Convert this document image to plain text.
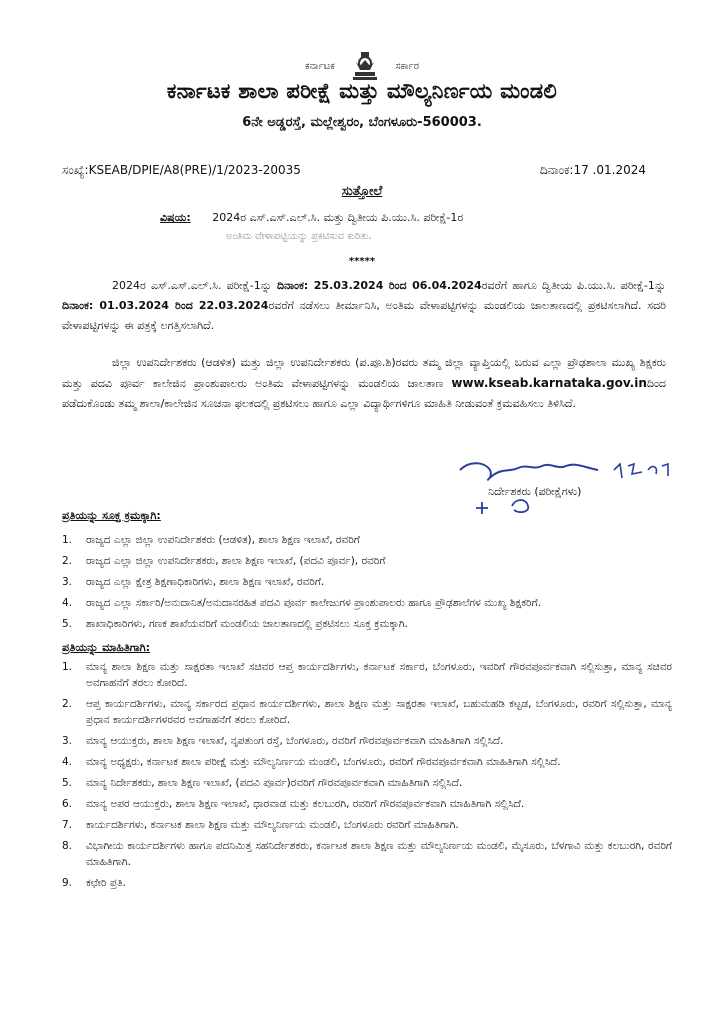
ಕರ್ನಾಟಕ	ಸರ್ಕಾರ
ಕರ್ನಾಟಕ ಶಾಲಾ ಪರೀಕ್ಷೆ ಮತ್ತು ಮೌಲ್ಯನಿರ್ಣಯ ಮಂಡಲಿ
6ನೇ ಅಡ್ಡರಸ್ತೆ, ಮಲ್ಲೇಶ್ವರಂ, ಬೆಂಗಳೂರು-560003.
ಸಂಖ್ಯೆ:KSEAB/DPIE/A8(PRE)/1/2023-20035	ದಿನಾಂಕ:17 .01.2024
ಸುತ್ತೋಲೆ
ವಿಷಯ: 2024ರ ಎಸ್.ಎಸ್.ಎಲ್.ಸಿ. ಮತ್ತು ದ್ವಿತೀಯ ಪಿ.ಯು.ಸಿ. ಪರೀಕ್ಷೆ-1ರ
ಅಂತಿಮ ವೇಳಾಪಟ್ಟಿಯನ್ನು ಪ್ರಕಟಿಸುವ ಕುರಿತು.
*****
2024ರ ಎಸ್.ಎಸ್.ಎಲ್.ಸಿ. ಪರೀಕ್ಷೆ-1ನ್ನು ದಿನಾಂಕ: 25.03.2024 ರಿಂದ 06.04.2024ರವರೆಗೆ ಹಾಗೂ ದ್ವಿತೀಯ ಪಿ.ಯು.ಸಿ. ಪರೀಕ್ಷೆ-1ನ್ನು ದಿನಾಂಕ: 01.03.2024 ರಿಂದ 22.03.2024ರವರೆಗೆ ನಡೆಸಲು ತೀರ್ಮಾನಿಸಿ, ಅಂತಿಮ ವೇಳಾಪಟ್ಟಿಗಳನ್ನು ಮಂಡಲಿಯ ಜಾಲತಾಣದಲ್ಲಿ ಪ್ರಕಟಿಸಲಾಗಿದೆ. ಸದರಿ ವೇಳಾಪಟ್ಟಿಗಳನ್ನು ಈ ಪತ್ರಕ್ಕೆ ಲಗತ್ತಿಸಲಾಗಿದೆ.
ಜಿಲ್ಲಾ ಉಪನಿರ್ದೇಶಕರು (ಆಡಳಿತ) ಮತ್ತು ಜಿಲ್ಲಾ ಉಪನಿರ್ದೇಶಕರು (ಪ.ಪೂ.ಶಿ)ರವರು ತಮ್ಮ ಜಿಲ್ಲಾ ವ್ಯಾಪ್ತಿಯಲ್ಲಿ ಬರುವ ಎಲ್ಲಾ ಪ್ರೌಢಶಾಲಾ ಮುಖ್ಯ ಶಿಕ್ಷಕರು ಮತ್ತು ಪದವಿ ಪೂರ್ವ ಕಾಲೇಜಿನ ಪ್ರಾಂಶುಪಾಲರು ಅಂತಿಮ ವೇಳಾಪಟ್ಟಿಗಳನ್ನು ಮಂಡಲಿಯ ಜಾಲತಾಣ www.kseab.karnataka.gov.inದಿಂದ ಪಡೆದುಕೊಂಡು ತಮ್ಮ ಶಾಲಾ/ಕಾಲೇಜಿನ ಸೂಚನಾ ಫಲಕದಲ್ಲಿ ಪ್ರಕಟಿಸಲು ಹಾಗೂ ಎಲ್ಲಾ ವಿದ್ಯಾರ್ಥಿಗಳಿಗೂ ಮಾಹಿತಿ ನೀಡುವಂತೆ ಕ್ರಮವಹಿಸಲು ತಿಳಿಸಿದೆ.
ನಿರ್ದೇಶಕರು (ಪರೀಕ್ಷೆಗಳು)
ಪ್ರತಿಯನ್ನು ಸೂಕ್ತ ಕ್ರಮಕ್ಕಾಗಿ:
1. ರಾಜ್ಯದ ಎಲ್ಲಾ ಜಿಲ್ಲಾ ಉಪನಿರ್ದೇಶಕರು (ಆಡಳಿತ), ಶಾಲಾ ಶಿಕ್ಷಣ ಇಲಾಖೆ, ರವರಿಗೆ
2. ರಾಜ್ಯದ ಎಲ್ಲಾ ಜಿಲ್ಲಾ ಉಪನಿರ್ದೇಶಕರು, ಶಾಲಾ ಶಿಕ್ಷಣ ಇಲಾಖೆ, (ಪದವಿ ಪೂರ್ವ), ರವರಿಗೆ
3. ರಾಜ್ಯದ ಎಲ್ಲಾ ಕ್ಷೇತ್ರ ಶಿಕ್ಷಣಾಧಿಕಾರಿಗಳು, ಶಾಲಾ ಶಿಕ್ಷಣ ಇಲಾಖೆ, ರವರಿಗೆ.
4. ರಾಜ್ಯದ ಎಲ್ಲಾ ಸರ್ಕಾರಿ/ಅನುದಾನಿತ/ಅನುದಾನರಹಿತ ಪದವಿ ಪೂರ್ವ ಕಾಲೇಜುಗಳ ಪ್ರಾಂಶುಪಾಲರು ಹಾಗೂ ಪ್ರೌಢಶಾಲೆಗಳ ಮುಖ್ಯ ಶಿಕ್ಷಕರಿಗೆ.
5. ಶಾಖಾಧಿಕಾರಿಗಳು, ಗಣಕ ಶಾಖೆಯವರಿಗೆ ಮಂಡಲಿಯ ಜಾಲತಾಣದಲ್ಲಿ ಪ್ರಕಟಿಸಲು ಸೂಕ್ತ ಕ್ರಮಕ್ಕಾಗಿ.
ಪ್ರತಿಯನ್ನು ಮಾಹಿತಿಗಾಗಿ:
1. ಮಾನ್ಯ ಶಾಲಾ ಶಿಕ್ಷಣ ಮತ್ತು ಸಾಕ್ಷರತಾ ಇಲಾಖೆ ಸಚಿವರ ಆಪ್ತ ಕಾರ್ಯದರ್ಶಿಗಳು, ಕರ್ನಾಟಕ ಸರ್ಕಾರ, ಬೆಂಗಳೂರು, ಇವರಿಗೆ ಗೌರವಪೂರ್ವಕವಾಗಿ ಸಲ್ಲಿಸುತ್ತಾ, ಮಾನ್ಯ ಸಚಿವರ ಅವಗಾಹನೆಗೆ ತರಲು ಕೋರಿದೆ.
2. ಆಪ್ತ ಕಾರ್ಯದರ್ಶಿಗಳು, ಮಾನ್ಯ ಸರ್ಕಾರದ ಪ್ರಧಾನ ಕಾರ್ಯದರ್ಶಿಗಳು, ಶಾಲಾ ಶಿಕ್ಷಣ ಮತ್ತು ಸಾಕ್ಷರತಾ ಇಲಾಖೆ, ಬಹುಮಹಡಿ ಕಟ್ಟಡ, ಬೆಂಗಳೂರು, ರವರಿಗೆ ಸಲ್ಲಿಸುತ್ತಾ, ಮಾನ್ಯ ಪ್ರಧಾನ ಕಾರ್ಯದರ್ಶಿಗಳರವರ ಅವಗಾಹನೆಗೆ ತರಲು ಕೋರಿದೆ.
3. ಮಾನ್ಯ ಆಯುಕ್ತರು, ಶಾಲಾ ಶಿಕ್ಷಣ ಇಲಾಖೆ, ನೃಪತುಂಗ ರಸ್ತೆ, ಬೆಂಗಳೂರು, ರವರಿಗೆ ಗೌರವಪೂರ್ವಕವಾಗಿ ಮಾಹಿತಿಗಾಗಿ ಸಲ್ಲಿಸಿದೆ.
4. ಮಾನ್ಯ ಅಧ್ಯಕ್ಷರು, ಕರ್ನಾಟಕ ಶಾಲಾ ಪರೀಕ್ಷೆ ಮತ್ತು ಮೌಲ್ಯನಿರ್ಣಯ ಮಂಡಲಿ, ಬೆಂಗಳೂರು, ರವರಿಗೆ ಗೌರವಪೂರ್ವಕವಾಗಿ ಮಾಹಿತಿಗಾಗಿ ಸಲ್ಲಿಸಿದೆ.
5. ಮಾನ್ಯ ನಿರ್ದೇಶಕರು, ಶಾಲಾ ಶಿಕ್ಷಣ ಇಲಾಖೆ, (ಪದವಿ ಪೂರ್ವ)ರವರಿಗೆ ಗೌರವಪೂರ್ವಕವಾಗಿ ಮಾಹಿತಿಗಾಗಿ ಸಲ್ಲಿಸಿದೆ.
6. ಮಾನ್ಯ ಅಪರ ಆಯುಕ್ತರು, ಶಾಲಾ ಶಿಕ್ಷಣ ಇಲಾಖೆ, ಧಾರವಾಡ ಮತ್ತು ಕಲಬುರಗಿ, ರವರಿಗೆ ಗೌರವಪೂರ್ವಕವಾಗಿ ಮಾಹಿತಿಗಾಗಿ ಸಲ್ಲಿಸಿದೆ.
7. ಕಾರ್ಯದರ್ಶಿಗಳು, ಕರ್ನಾಟಕ ಶಾಲಾ ಶಿಕ್ಷಣ ಮತ್ತು ಮೌಲ್ಯನಿರ್ಣಯ ಮಂಡಲಿ, ಬೆಂಗಳೂರು ರವರಿಗೆ ಮಾಹಿತಿಗಾಗಿ.
8. ವಿಭಾಗೀಯ ಕಾರ್ಯದರ್ಶಿಗಳು ಹಾಗೂ ಪದನಿಮಿತ್ತ ಸಹನಿರ್ದೇಶಕರು, ಕರ್ನಾಟಕ ಶಾಲಾ ಶಿಕ್ಷಣ ಮತ್ತು ಮೌಲ್ಯನಿರ್ಣಯ ಮಂಡಲಿ, ಮೈಸೂರು, ಬೆಳಗಾವಿ ಮತ್ತು ಕಲಬುರಗಿ, ರವರಿಗೆ ಮಾಹಿತಿಗಾಗಿ.
9. ಕಛೇರಿ ಪ್ರತಿ.
